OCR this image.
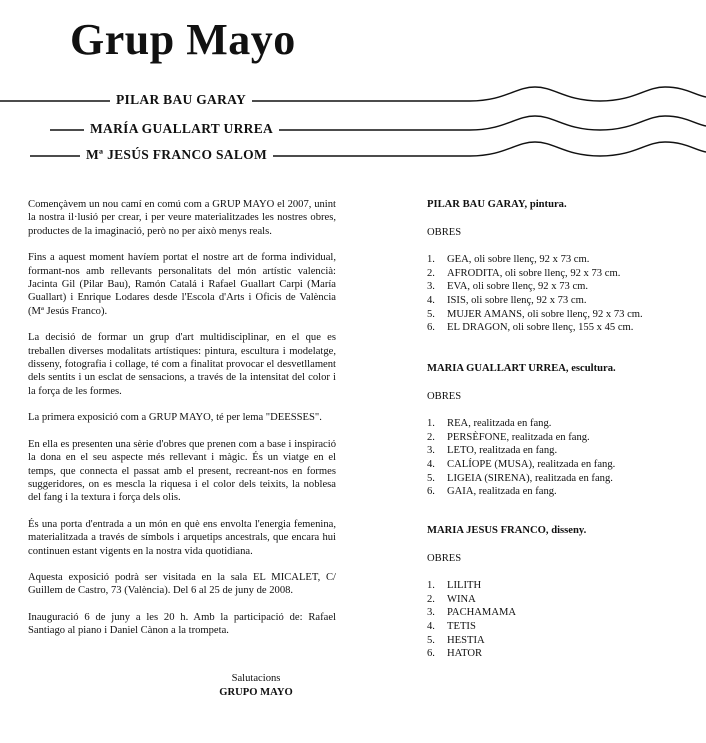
Grup Mayo
PILAR BAU GARAY
MARÍA GUALLART URREA
Mª JESÚS FRANCO SALOM

Començàvem un nou camí en comú com a GRUP MAYO el 2007, unint la nostra il·lusió per crear, i per veure materialitzades les nostres obres, productes de la imaginació, però no per això menys reals.

Fins a aquest moment havíem portat el nostre art de forma individual, formant-nos amb rellevants personalitats del món artístic valencià: Jacinta Gil (Pilar Bau), Ramón Catalá i Rafael Guallart Carpi (María Guallart) i Enrique Lodares desde l'Escola d'Arts i Oficis de València (Mª Jesús Franco).

La decisió de formar un grup d'art multidisciplinar, en el que es treballen diverses modalitats artístiques: pintura, escultura i modelatge, disseny, fotografia i collage, té com a finalitat provocar el desvetllament dels sentits i un esclat de sensacions, a través de la intensitat del color i la força de les formes.

La primera exposició com a GRUP MAYO, té per lema "DEESSES".

En ella es presenten una sèrie d'obres que prenen com a base i inspiració la dona en el seu aspecte més rellevant i màgic. És un viatge en el temps, que connecta el passat amb el present, recreant-nos en formes suggeridores, on es mescla la riquesa i el color dels teixits, la noblesa del fang i la textura i força dels olis.

És una porta d'entrada a un món en què ens envolta l'energia femenina, materialitzada a través de símbols i arquetips ancestrals, que encara hui continuen estant vigents en la nostra vida quotidiana.

Aquesta exposició podrà ser visitada en la sala EL MICALET, C/ Guillem de Castro, 73 (València). Del 6 al 25 de juny de 2008.

Inauguració 6 de juny a les 20 h. Amb la participació de: Rafael Santiago al piano i Daniel Cànon a la trompeta.

Salutacions
GRUPO MAYO

PILAR BAU GARAY, pintura.

OBRES

1.	GEA, oli sobre llenç, 92 x 73 cm.
2.	AFRODITA, oli sobre llenç, 92 x 73 cm.
3.	EVA, oli sobre llenç, 92 x 73 cm.
4.	ISIS, oli sobre llenç, 92 x 73 cm.
5.	MUJER AMANS, oli sobre llenç, 92 x 73 cm.
6.	EL DRAGON, oli sobre llenç, 155 x 45 cm.

MARIA GUALLART URREA, escultura.

OBRES

1.	REA, realitzada en fang.
2.	PERSÈFONE, realitzada en fang.
3.	LETO, realitzada en fang.
4.	CALÍOPE (MUSA), realitzada en fang.
5.	LIGEIA (SIRENA), realitzada en fang.
6.	GAIA, realitzada en fang.

MARIA JESUS FRANCO, disseny.

OBRES

1.	LILITH
2.	WINA
3.	PACHAMAMA
4.	TETIS
5.	HESTIA
6.	HATOR
